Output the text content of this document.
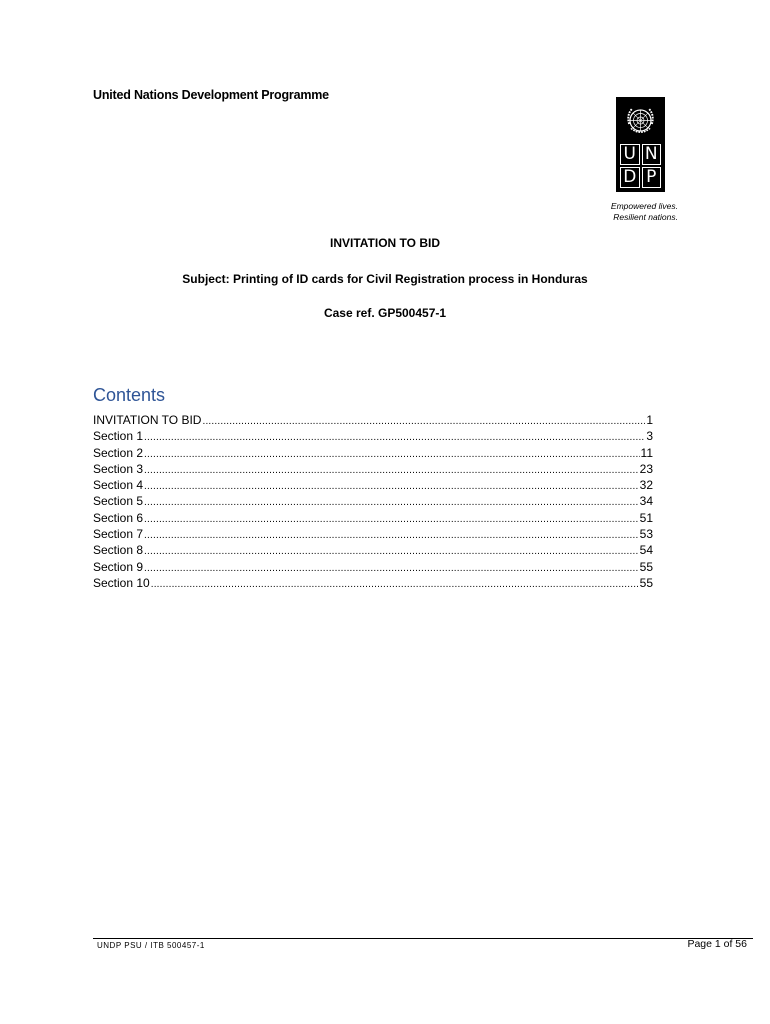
United Nations Development Programme
U N
D P
Empowered lives.
Resilient nations.
INVITATION TO BID
Subject: Printing of ID cards for Civil Registration process in Honduras
Case ref. GP500457-1
Contents
INVITATION TO BID .....	1
Section 1 .....	3
Section 2 .....	11
Section 3 .....	23
Section 4 .....	32
Section 5 .....	34
Section 6 .....	51
Section 7 .....	53
Section 8 .....	54
Section 9 .....	55
Section 10 .....	55
UNDP PSU / ITB 500457-1	Page 1 of 56
